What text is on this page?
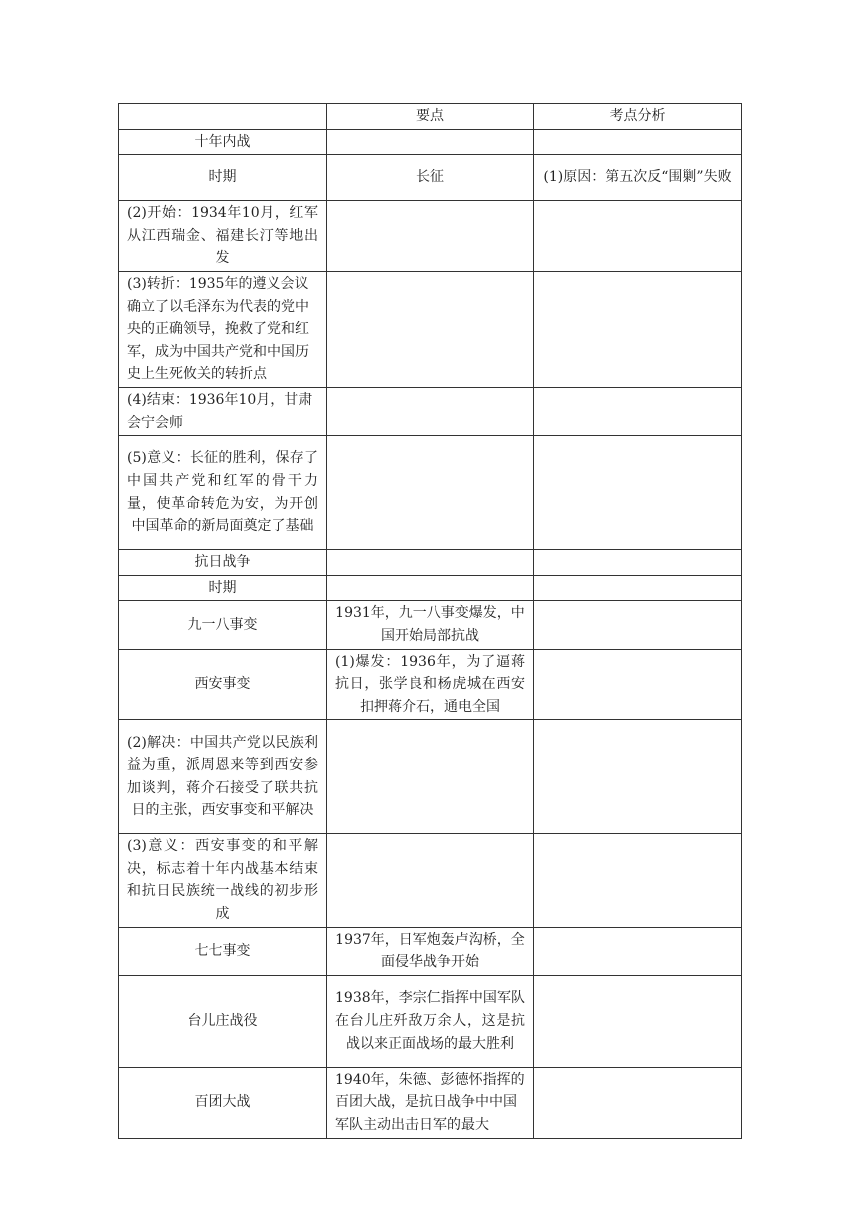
	要点	考点分析
十年内战		
时期	长征	(1)原因：第五次反“围剿”失败
(2)开始：1934年10月，红军从江西瑞金、福建长汀等地出发		
(3)转折：1935年的遵义会议确立了以毛泽东为代表的党中央的正确领导，挽救了党和红军，成为中国共产党和中国历史上生死攸关的转折点		
(4)结束：1936年10月，甘肃会宁会师		
(5)意义：长征的胜利，保存了中国共产党和红军的骨干力量，使革命转危为安，为开创中国革命的新局面奠定了基础		
抗日战争		
时期		
九一八事变	1931年，九一八事变爆发，中国开始局部抗战	
西安事变	(1)爆发：1936年，为了逼蒋抗日，张学良和杨虎城在西安扣押蒋介石，通电全国	
(2)解决：中国共产党以民族利益为重，派周恩来等到西安参加谈判，蒋介石接受了联共抗日的主张，西安事变和平解决		
(3)意义：西安事变的和平解决，标志着十年内战基本结束和抗日民族统一战线的初步形成		
七七事变	1937年，日军炮轰卢沟桥，全面侵华战争开始	
台儿庄战役	1938年，李宗仁指挥中国军队在台儿庄歼敌万余人，这是抗战以来正面战场的最大胜利	
百团大战	1940年，朱德、彭德怀指挥的百团大战，是抗日战争中中国军队主动出击日军的最大	
